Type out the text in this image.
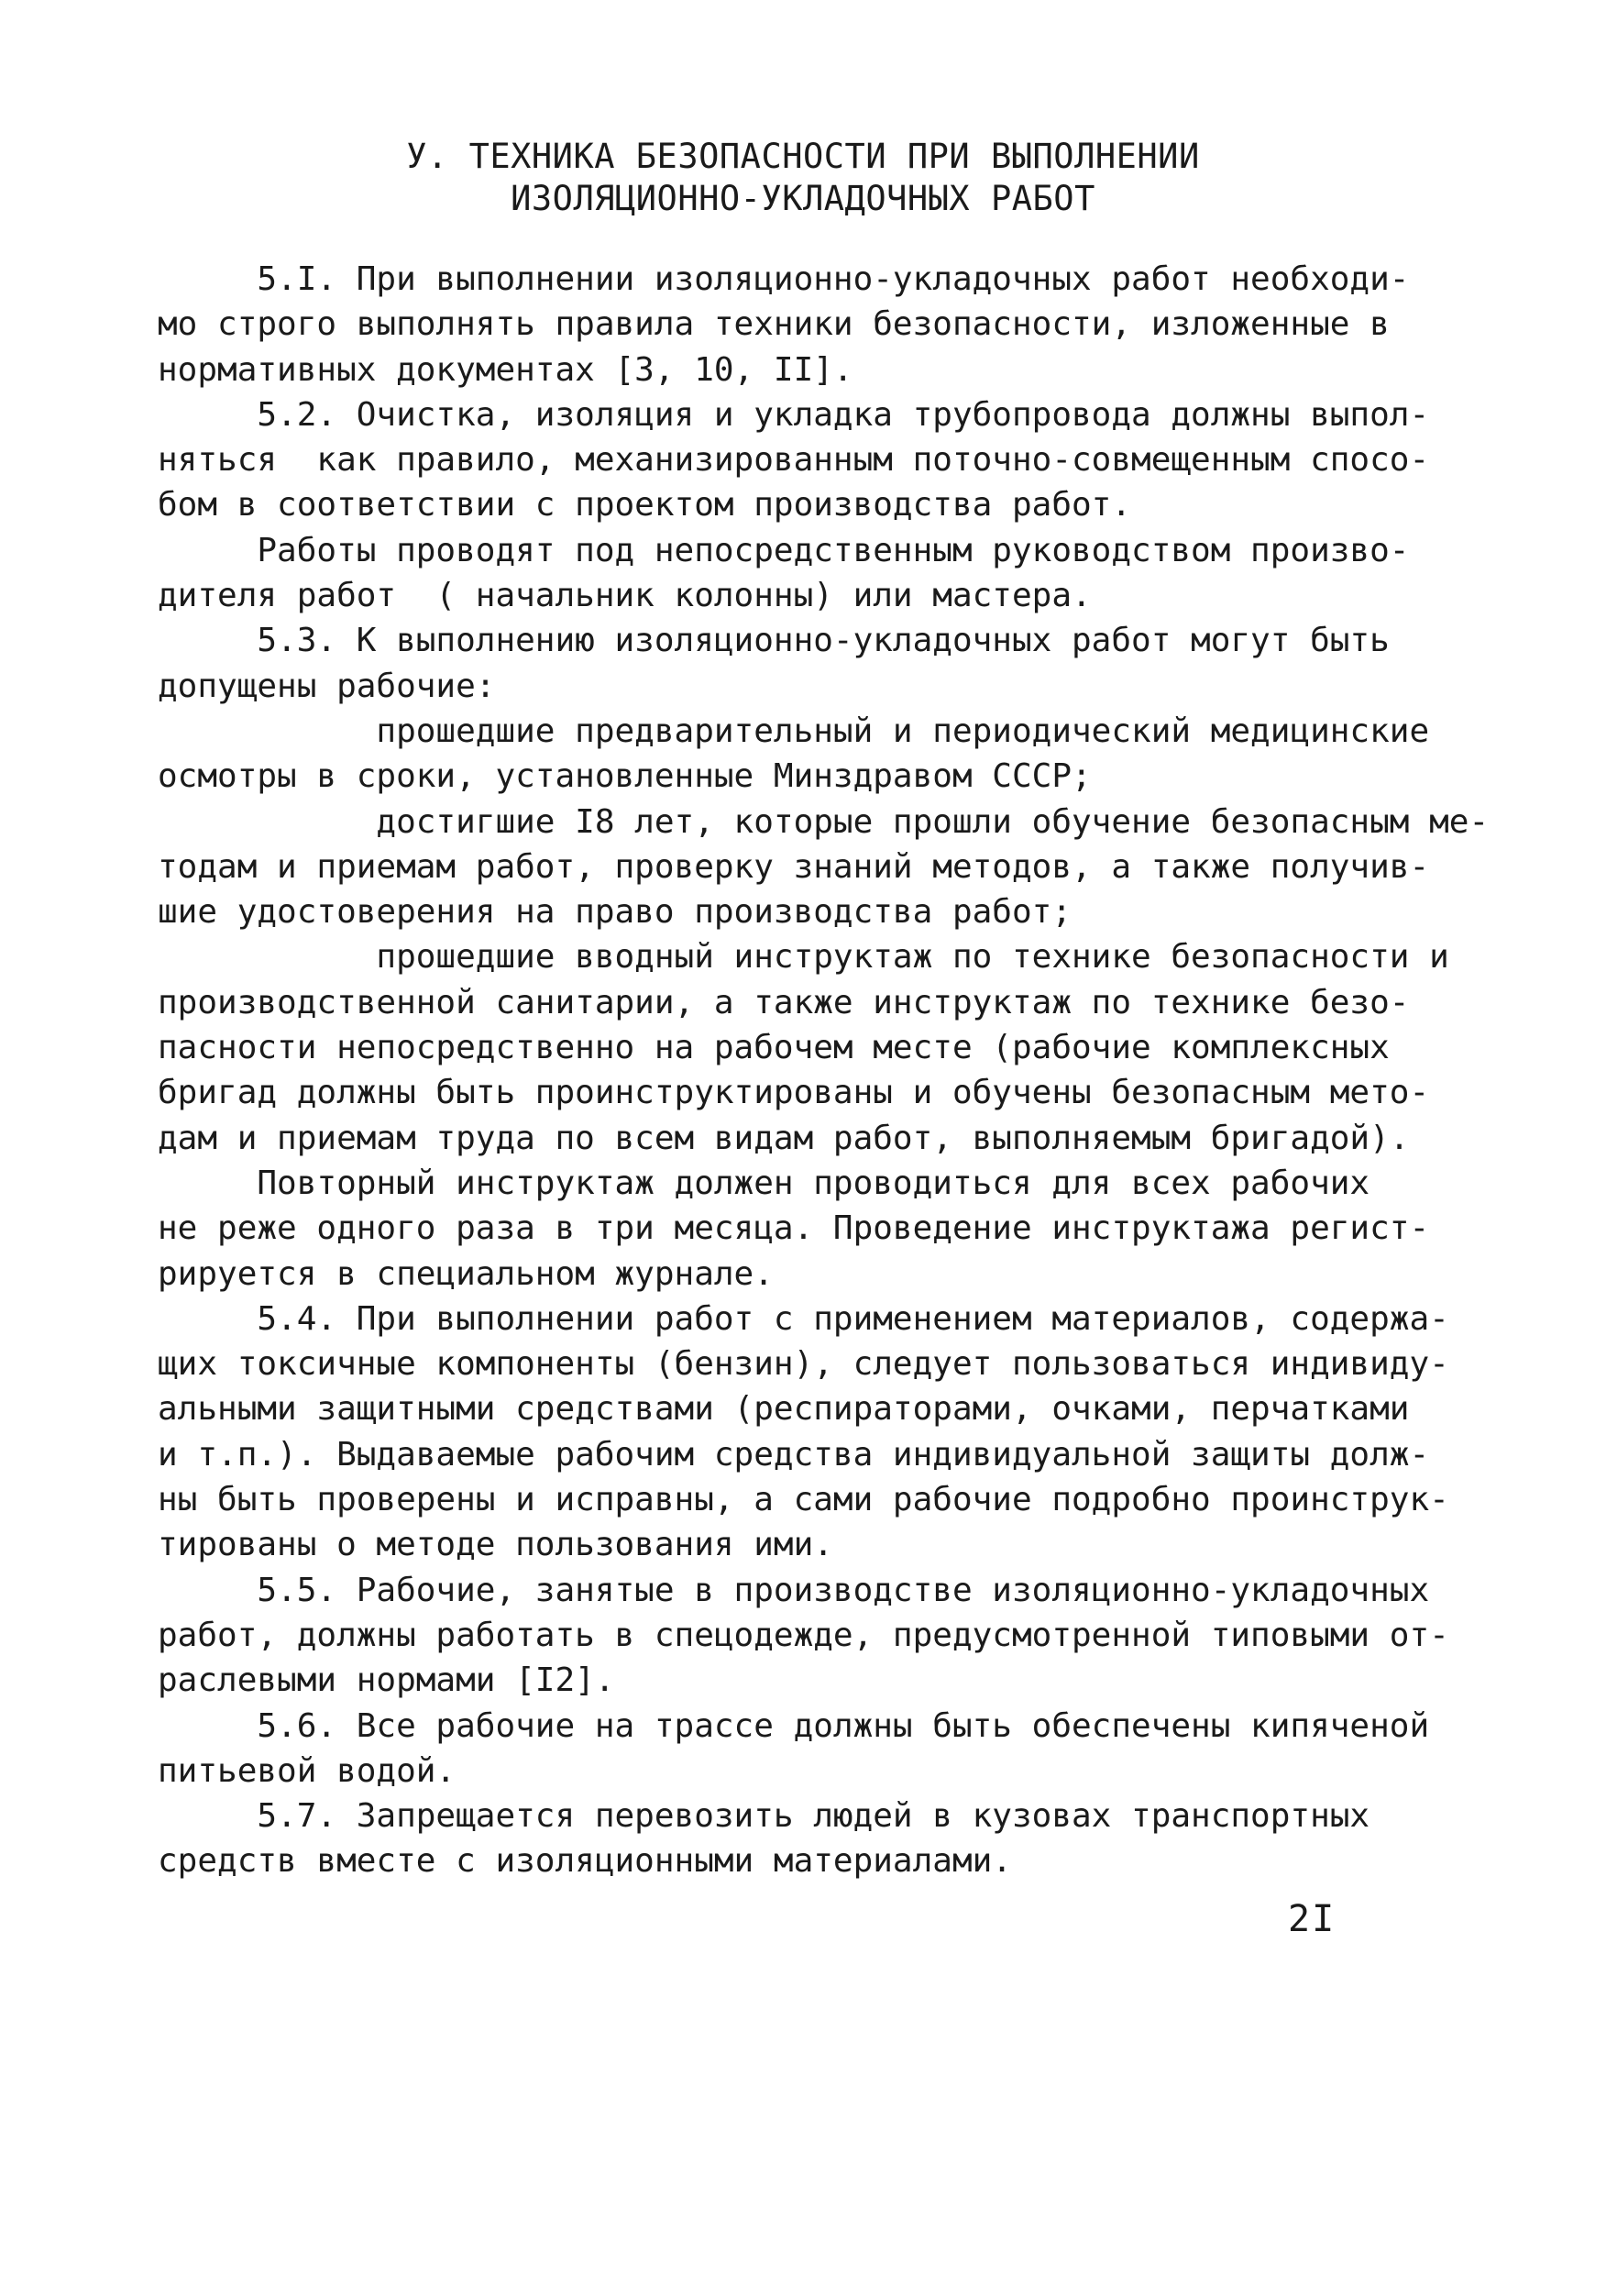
У. ТЕХНИКА БЕЗОПАСНОСТИ ПРИ ВЫПОЛНЕНИИ
ИЗОЛЯЦИОННО-УКЛАДОЧНЫХ РАБОТ
5.I. При выполнении изоляционно-укладочных работ необходи-
мо строго выполнять правила техники безопасности, изложенные в
нормативных документах [3, 10, II].
5.2. Очистка, изоляция и укладка трубопровода должны выпол-
няться  как правило, механизированным поточно-совмещенным спосо-
бом в соответствии с проектом производства работ.
Работы проводят под непосредственным руководством произво-
дителя работ  ( начальник колонны) или мастера.
5.3. К выполнению изоляционно-укладочных работ могут быть
допущены рабочие:
прошедшие предварительный и периодический медицинские
осмотры в сроки, установленные Минздравом СССР;
достигшие I8 лет, которые прошли обучение безопасным ме-
тодам и приемам работ, проверку знаний методов, а также получив-
шие удостоверения на право производства работ;
прошедшие вводный инструктаж по технике безопасности и
производственной санитарии, а также инструктаж по технике безо-
пасности непосредственно на рабочем месте (рабочие комплексных
бригад должны быть проинструктированы и обучены безопасным мето-
дам и приемам труда по всем видам работ, выполняемым бригадой).
Повторный инструктаж должен проводиться для всех рабочих
не реже одного раза в три месяца. Проведение инструктажа регист-
рируется в специальном журнале.
5.4. При выполнении работ с применением материалов, содержа-
щих токсичные компоненты (бензин), следует пользоваться индивиду-
альными защитными средствами (респираторами, очками, перчатками
и т.п.). Выдаваемые рабочим средства индивидуальной защиты долж-
ны быть проверены и исправны, а сами рабочие подробно проинструк-
тированы о методе пользования ими.
5.5. Рабочие, занятые в производстве изоляционно-укладочных
работ, должны работать в спецодежде, предусмотренной типовыми от-
раслевыми нормами [I2].
5.6. Все рабочие на трассе должны быть обеспечены кипяченой
питьевой водой.
5.7. Запрещается перевозить людей в кузовах транспортных
средств вместе с изоляционными материалами.
2I
